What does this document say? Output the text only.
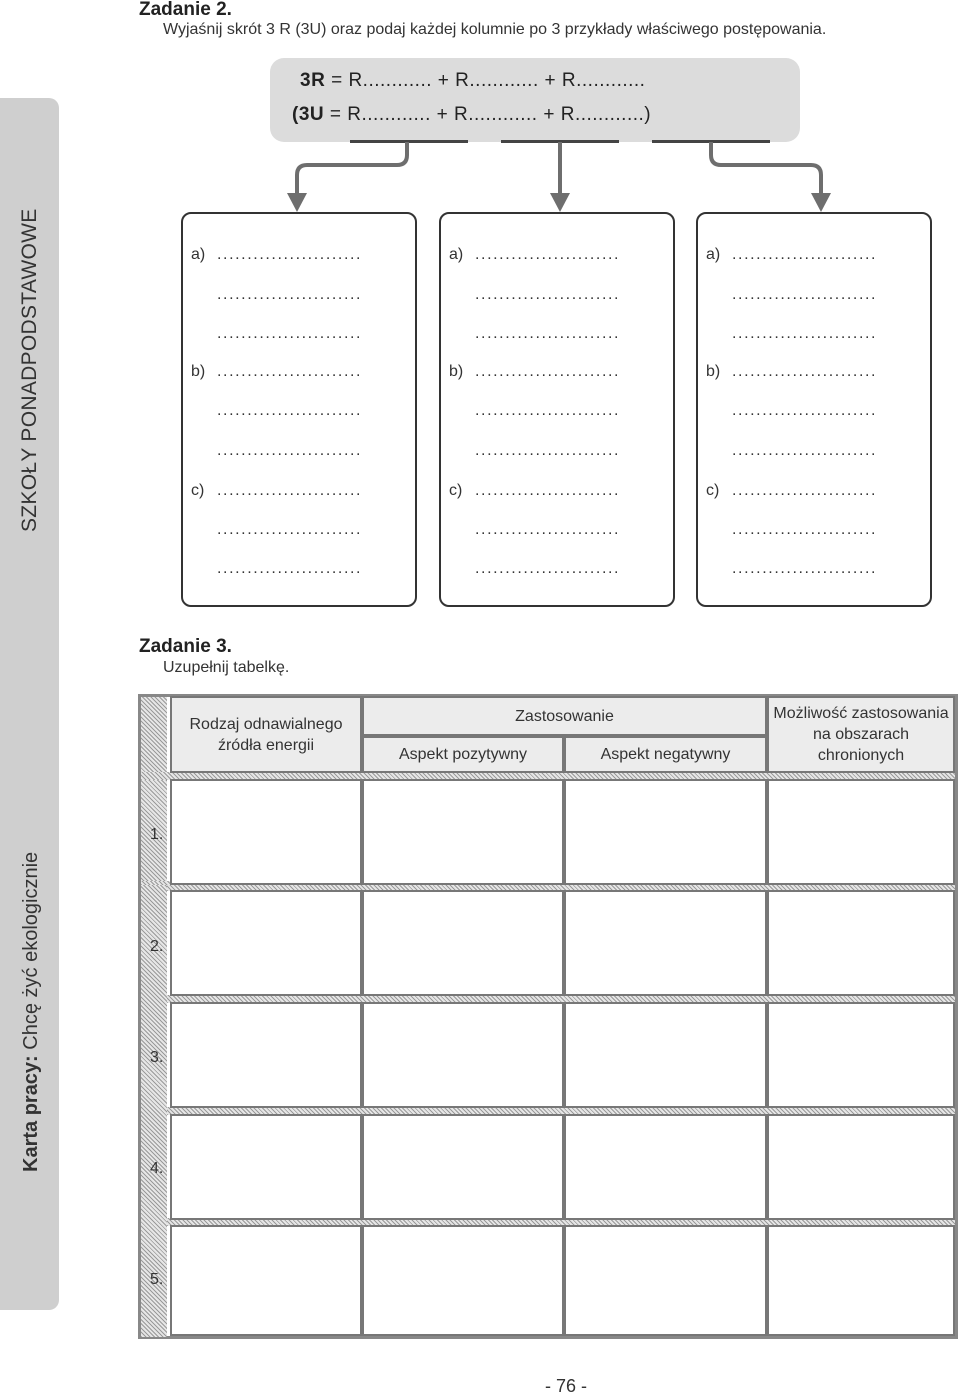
SZKOŁY PONADPODSTAWOWE
Karta pracy: Chcę żyć ekologicznie
Zadanie 2.
Wyjaśnij skrót 3 R (3U) oraz podaj każdej kolumnie po 3 przykłady właściwego postępowania.
3R = R............ + R............ + R............
(3U = R............ + R............ + R............)
a) ........................
........................
........................
b) ........................
........................
........................
c) ........................
........................
........................
a) ........................
........................
........................
b) ........................
........................
........................
c) ........................
........................
........................
a) ........................
........................
........................
b) ........................
........................
........................
c) ........................
........................
........................
Zadanie 3.
Uzupełnij tabelkę.
Rodzaj odnawialnego źródła energii
Zastosowanie
Aspekt pozytywny	Aspekt negatywny
Możliwość zastosowania na obszarach chronionych
1.
2.
3.
4.
5.
- 76 -
